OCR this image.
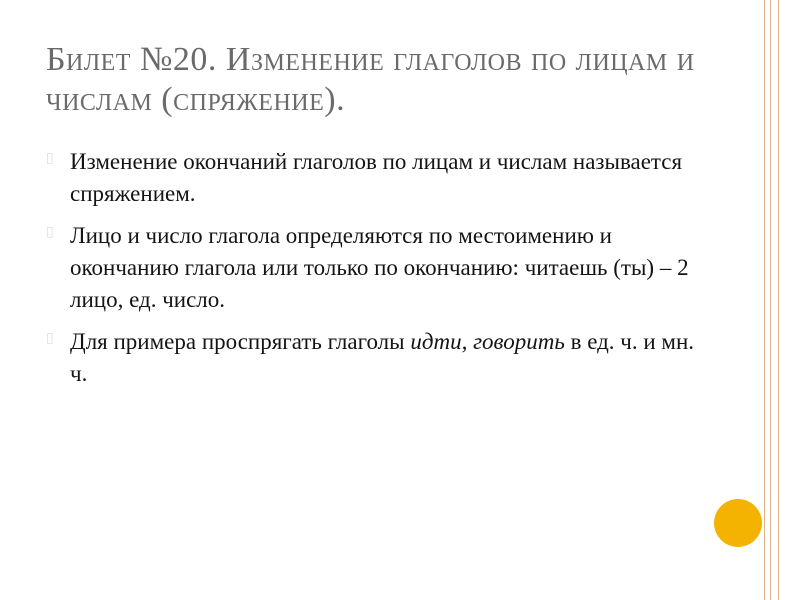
Билет №20. Изменение глаголов по лицам и числам (спряжение).
▯ Изменение окончаний глаголов по лицам и числам называется спряжением.
▯ Лицо и число глагола определяются по местоимению и окончанию глагола или только по окончанию: читаешь (ты) – 2 лицо, ед. число.
▯ Для примера проспрягать глаголы идти, говорить в ед. ч. и мн. ч.
